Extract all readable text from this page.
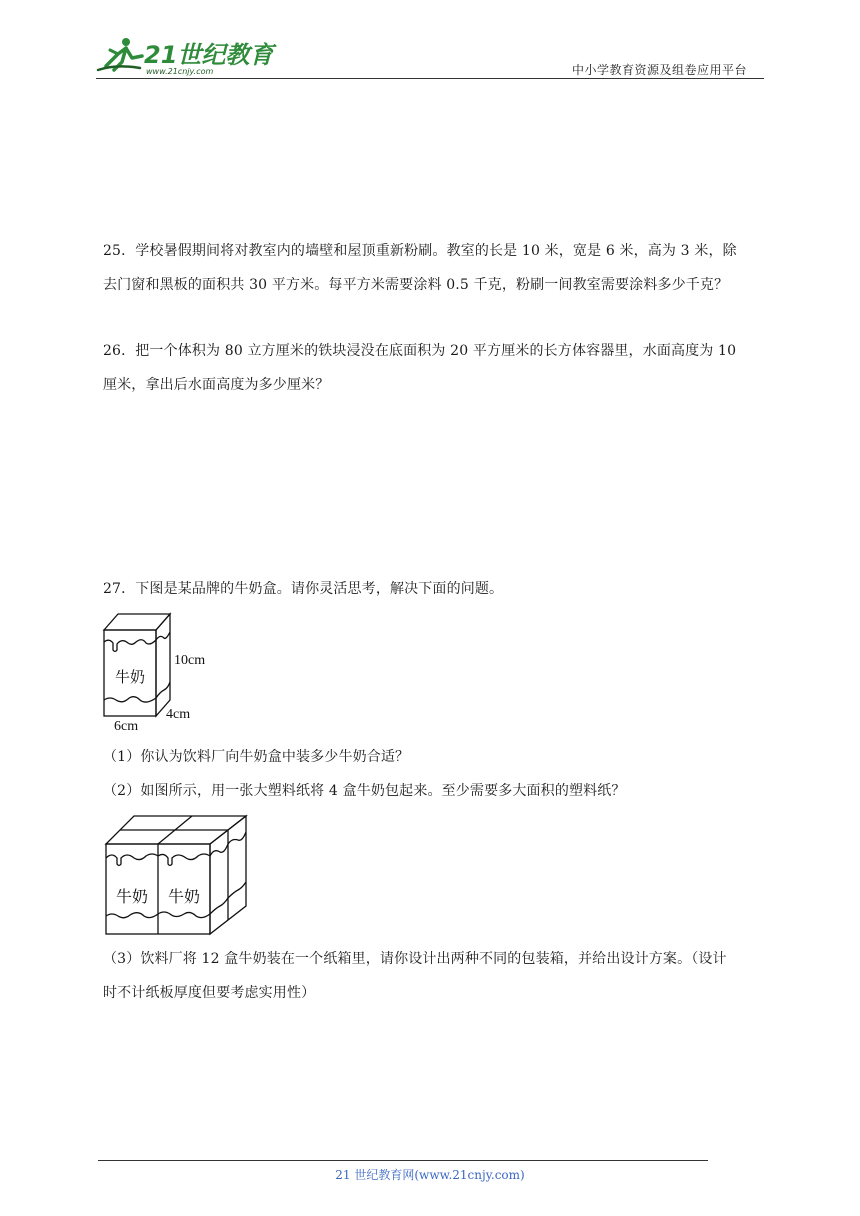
21世纪教育
www.21cnjy.com	中小学教育资源及组卷应用平台
25．学校暑假期间将对教室内的墙壁和屋顶重新粉刷。教室的长是 10 米，宽是 6 米，高为 3 米，除
去门窗和黑板的面积共 30 平方米。每平方米需要涂料 0.5 千克，粉刷一间教室需要涂料多少千克？
26．把一个体积为 80 立方厘米的铁块浸没在底面积为 20 平方厘米的长方体容器里，水面高度为 10
厘米，拿出后水面高度为多少厘米？
27．下图是某品牌的牛奶盒。请你灵活思考，解决下面的问题。
牛奶
10cm
4cm
6cm
（1）你认为饮料厂向牛奶盒中装多少牛奶合适？
（2）如图所示，用一张大塑料纸将 4 盒牛奶包起来。至少需要多大面积的塑料纸？
牛奶 牛奶
（3）饮料厂将 12 盒牛奶装在一个纸箱里，请你设计出两种不同的包装箱，并给出设计方案。（设计
时不计纸板厚度但要考虑实用性）
21 世纪教育网(www.21cnjy.com)
